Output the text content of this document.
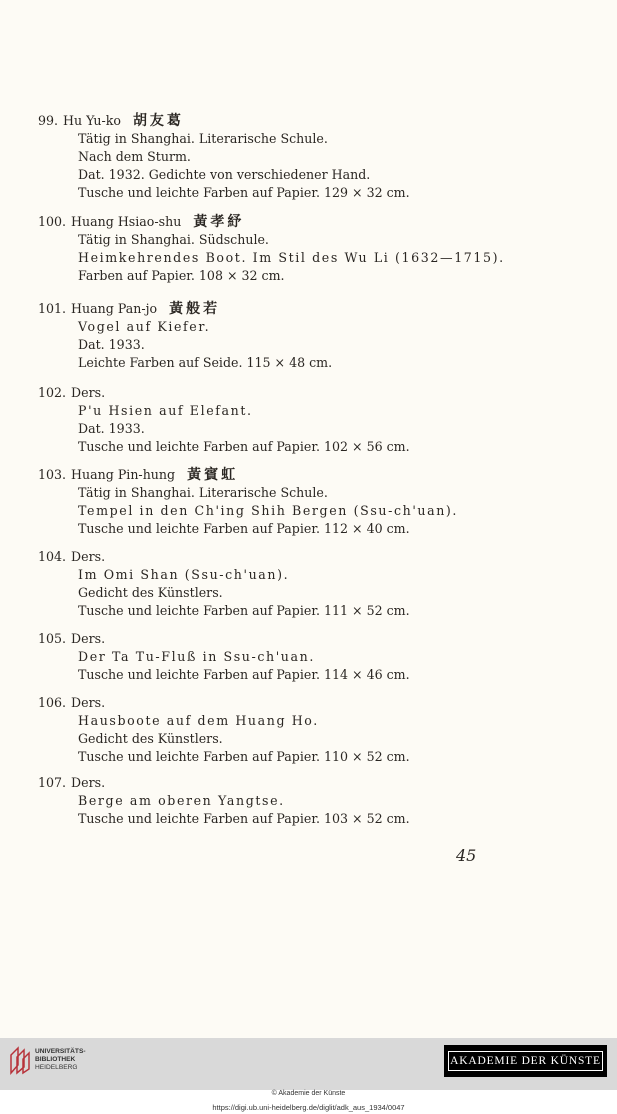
99. Hu Yu-ko 胡友葛
Tätig in Shanghai. Literarische Schule.
Nach dem Sturm.
Dat. 1932. Gedichte von verschiedener Hand.
Tusche und leichte Farben auf Papier. 129 × 32 cm.
100. Huang Hsiao-shu 黃孝紓
Tätig in Shanghai. Südschule.
Heimkehrendes Boot. Im Stil des Wu Li (1632—1715).
Farben auf Papier. 108 × 32 cm.
101. Huang Pan-jo 黃般若
Vogel auf Kiefer.
Dat. 1933.
Leichte Farben auf Seide. 115 × 48 cm.
102. Ders.
P'u Hsien auf Elefant.
Dat. 1933.
Tusche und leichte Farben auf Papier. 102 × 56 cm.
103. Huang Pin-hung 黃賓虹
Tätig in Shanghai. Literarische Schule.
Tempel in den Ch'ing Shih Bergen (Ssu-ch'uan).
Tusche und leichte Farben auf Papier. 112 × 40 cm.
104. Ders.
Im Omi Shan (Ssu-ch'uan).
Gedicht des Künstlers.
Tusche und leichte Farben auf Papier. 111 × 52 cm.
105. Ders.
Der Ta Tu-Fluß in Ssu-ch'uan.
Tusche und leichte Farben auf Papier. 114 × 46 cm.
106. Ders.
Hausboote auf dem Huang Ho.
Gedicht des Künstlers.
Tusche und leichte Farben auf Papier. 110 × 52 cm.
107. Ders.
Berge am oberen Yangtse.
Tusche und leichte Farben auf Papier. 103 × 52 cm.
45
UNIVERSITÄTS-
BIBLIOTHEK
HEIDELBERG
AKADEMIE DER KÜNSTE
© Akademie der Künste
https://digi.ub.uni-heidelberg.de/diglit/adk_aus_1934/0047
